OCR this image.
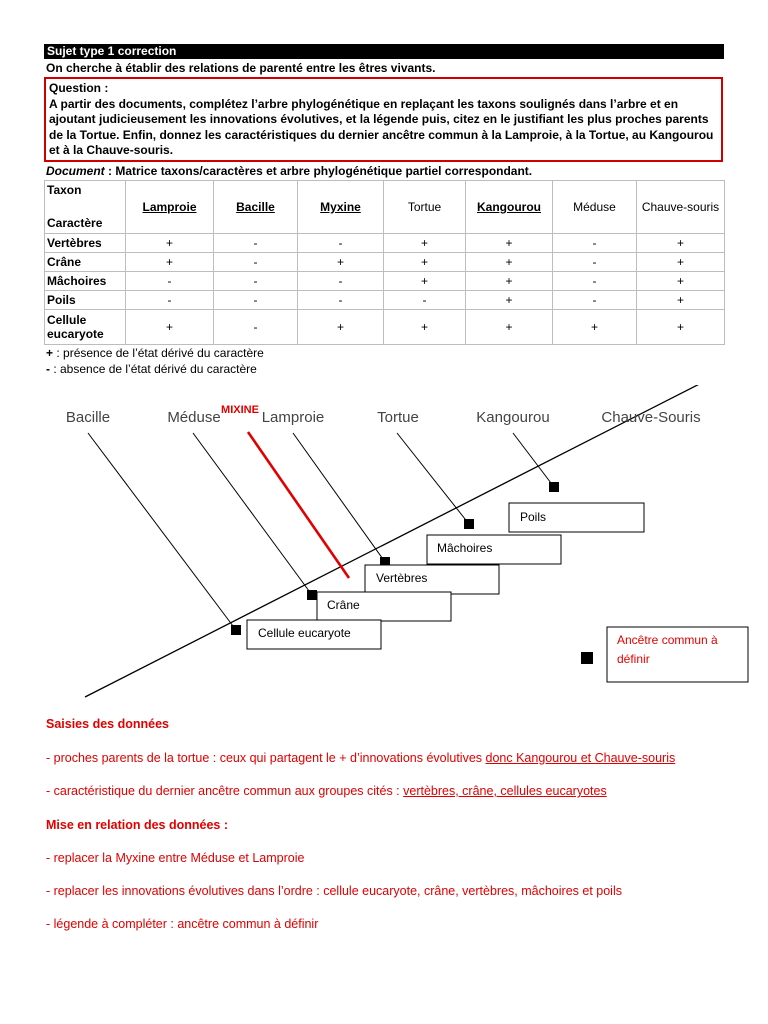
Sujet type 1 correction
On cherche à établir des relations de parenté entre les êtres vivants.
Question :
A partir des documents, complétez l’arbre phylogénétique en replaçant les taxons soulignés dans l’arbre et en ajoutant judicieusement les innovations évolutives, et la légende puis, citez en le justifiant les plus proches parents de la Tortue. Enfin, donnez les caractéristiques du dernier ancêtre commun à la Lamproie, à la Tortue, au Kangourou et à la Chauve-souris.
Document : Matrice taxons/caractères et arbre phylogénétique partiel correspondant.
Taxon
Caractère	Lamproie	Bacille	Myxine	Tortue	Kangourou	Méduse	Chauve-souris
Vertèbres	+	-	-	+	+	-	+
Crâne	+	-	+	+	+	-	+
Mâchoires	-	-	-	+	+	-	+
Poils	-	-	-	-	+	-	+
Cellule eucaryote	+	-	+	+	+	+	+
+ : présence de l’état dérivé du caractère
- : absence de l’état dérivé du caractère
Bacille	Méduse	Lamproie	Tortue	Kangourou	Chauve-Souris
MIXINE
Poils
Mâchoires
Vertèbres
Crâne
Cellule eucaryote	Ancêtre commun à définir
Saisies des données
- proches parents de la tortue : ceux qui partagent le + d’innovations évolutives donc Kangourou et Chauve-souris
- caractéristique du dernier ancêtre commun aux groupes cités : vertèbres, crâne, cellules eucaryotes
Mise en relation des données :
- replacer la Myxine entre Méduse et Lamproie
- replacer les innovations évolutives dans l’ordre : cellule eucaryote, crâne, vertèbres, mâchoires et poils
- légende à compléter : ancêtre commun à définir
